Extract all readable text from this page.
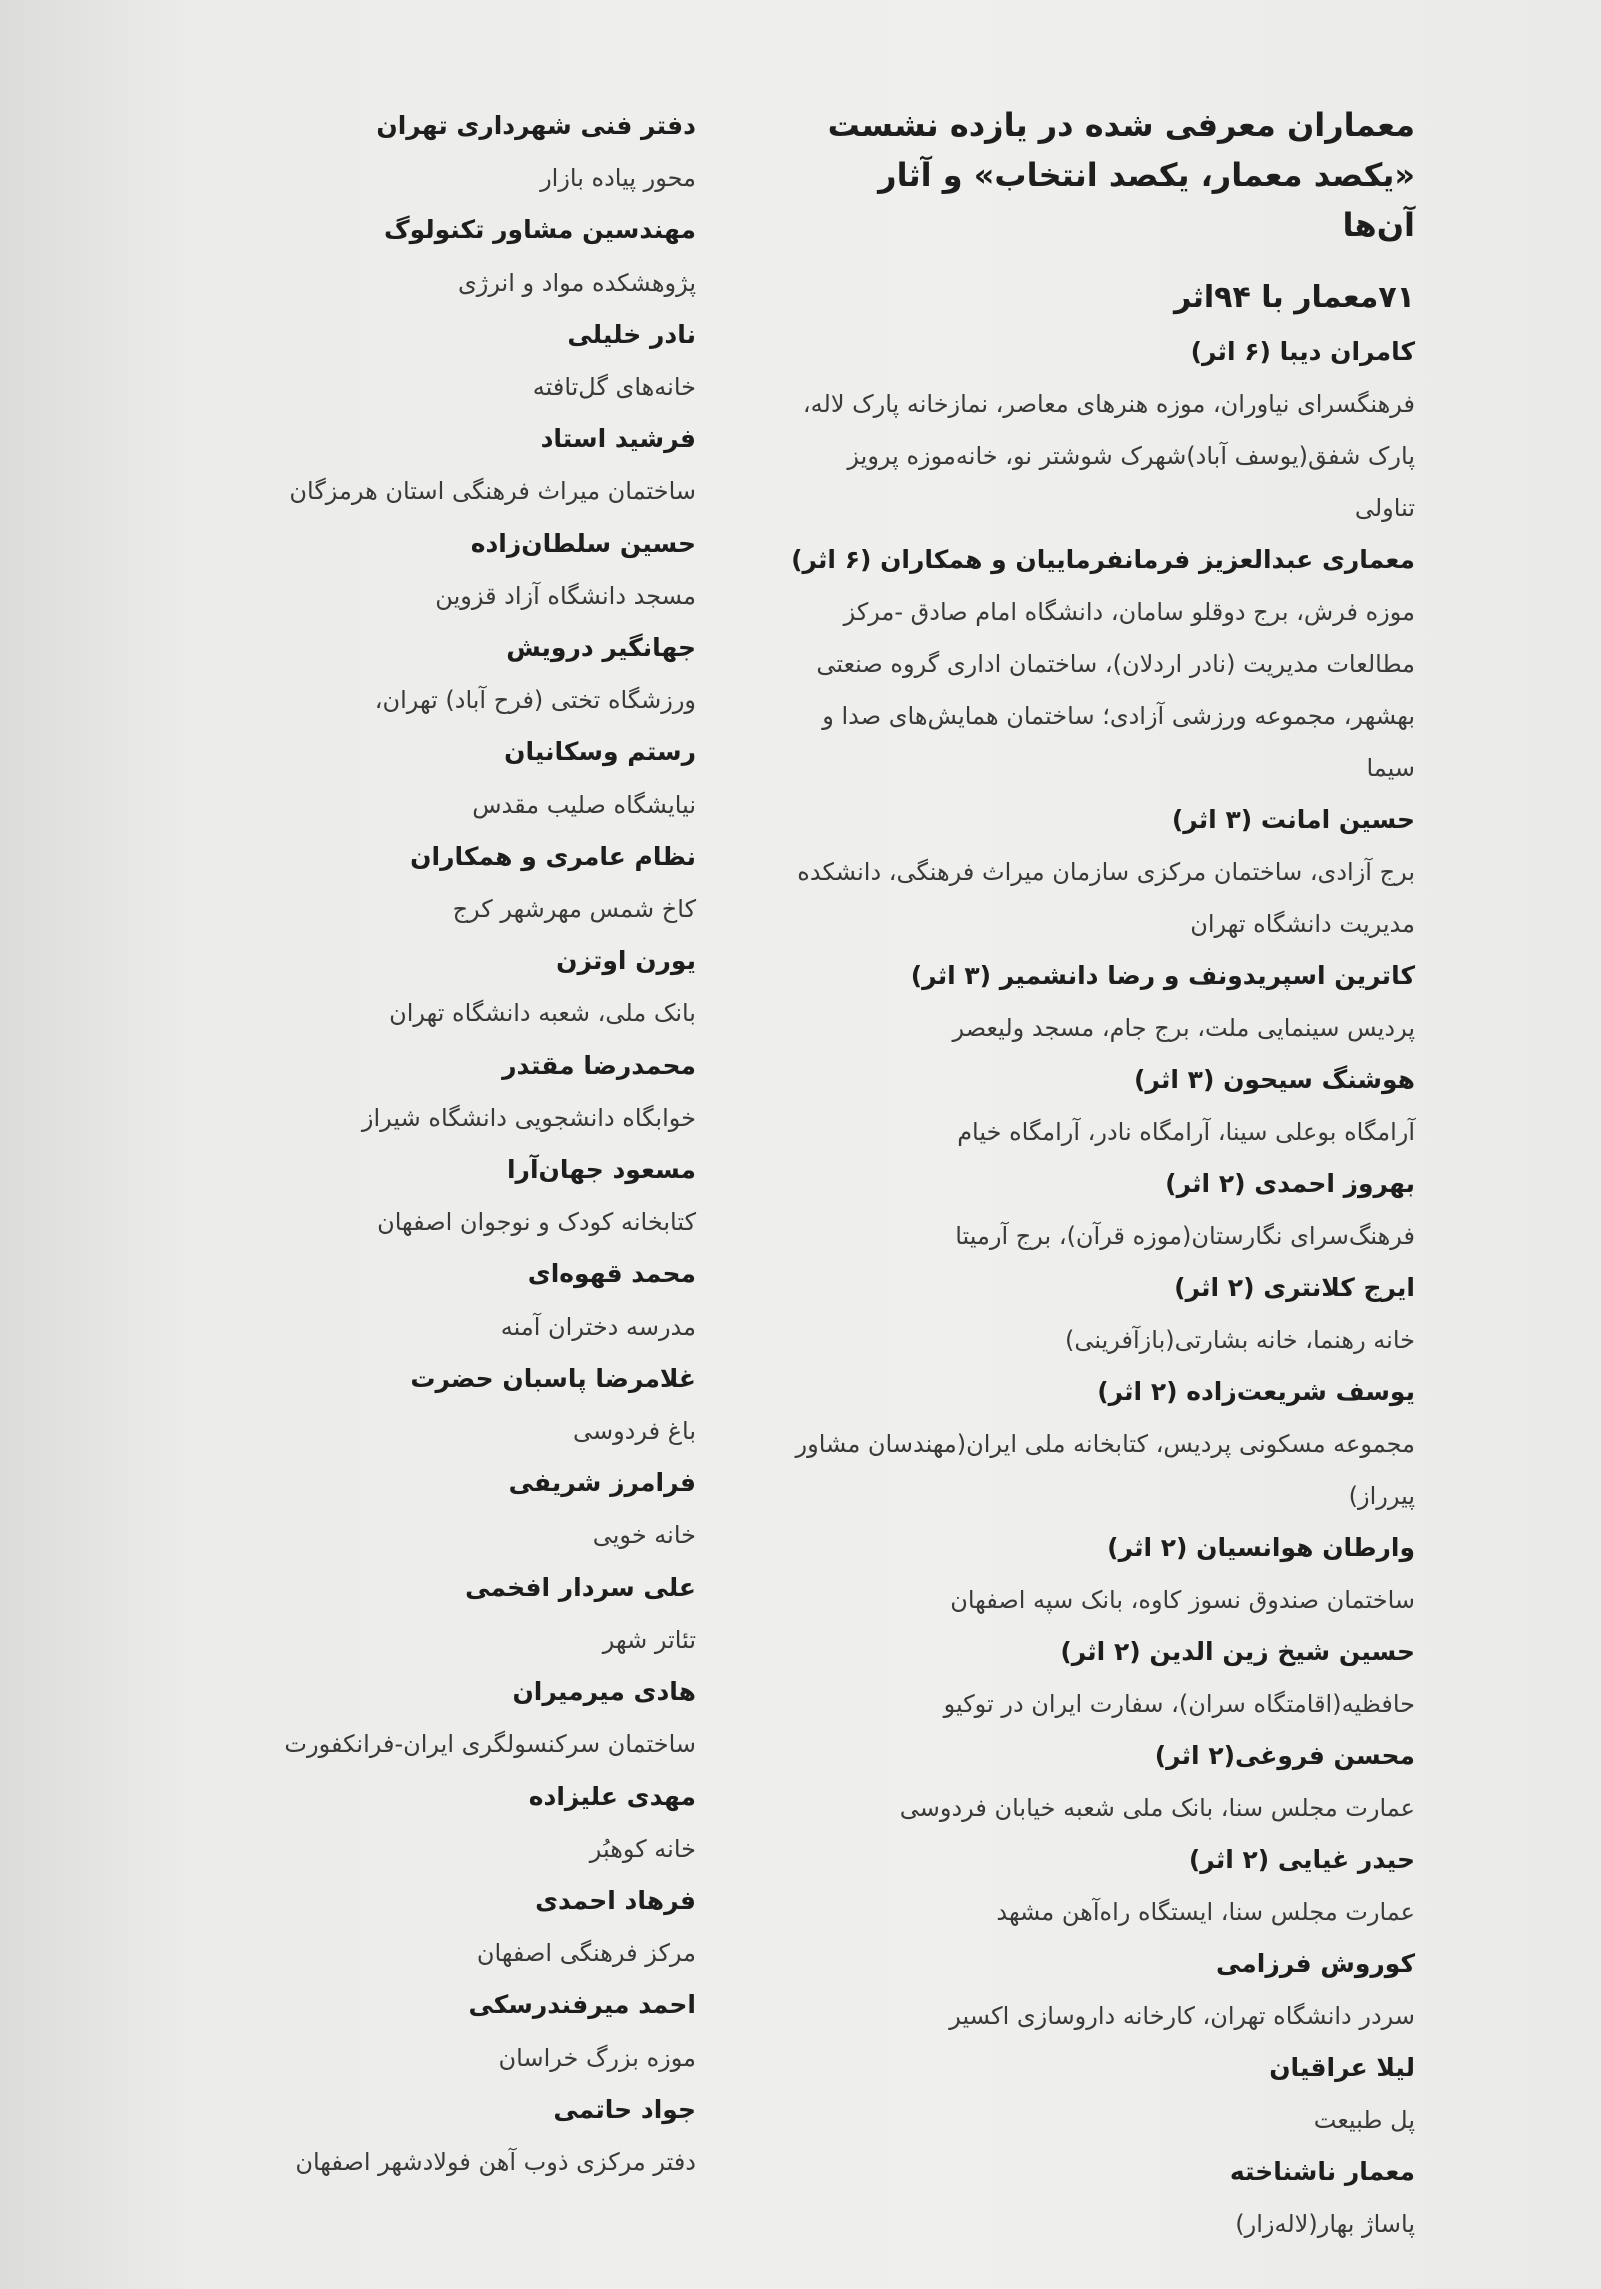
معماران معرفی شده در یازده نشست «یکصد معمار، یکصد انتخاب» و آثار آن‌ها
۷۱معمار با ۹۴اثر
کامران دیبا (۶ اثر)
فرهنگسرای نیاوران، موزه هنرهای معاصر، نمازخانه پارک لاله، پارک شفق(یوسف آباد)شهرک شوشتر نو، خانه‌موزه پرویز تناولی
معماری عبدالعزیز فرمانفرماییان و همکاران (۶ اثر)
موزه فرش، برج دوقلو سامان، دانشگاه امام صادق -مرکز مطالعات مدیریت (نادر اردلان)، ساختمان اداری گروه صنعتی بهشهر، مجموعه ورزشی آزادی؛ ساختمان همایش‌های صدا و سیما
حسین امانت (۳ اثر)
برج آزادی، ساختمان مرکزی سازمان میراث فرهنگی، دانشکده مدیریت دانشگاه تهران
کاترین اسپریدونف و رضا دانشمیر (۳ اثر)
پردیس سینمایی ملت، برج جام، مسجد ولیعصر
هوشنگ سیحون (۳ اثر)
آرامگاه بوعلی سینا، آرامگاه نادر، آرامگاه خیام
بهروز احمدی (۲ اثر)
فرهنگ‌سرای نگارستان(موزه قرآن)، برج آرمیتا
ایرج کلانتری (۲ اثر)
خانه رهنما، خانه بشارتی(بازآفرینی)
یوسف شریعت‌زاده (۲ اثر)
مجموعه مسکونی پردیس، کتابخانه ملی ایران(مهندسان مشاور پیرراز)
وارطان هوانسیان (۲ اثر)
ساختمان صندوق نسوز کاوه، بانک سپه اصفهان
حسین شیخ زین الدین (۲ اثر)
حافظیه(اقامتگاه سران)، سفارت ایران در توکیو
محسن فروغی(۲ اثر)
عمارت مجلس سنا، بانک ملی شعبه خیابان فردوسی
حیدر غیایی (۲ اثر)
عمارت مجلس سنا، ایستگاه راه‌آهن مشهد
کوروش فرزامی
سردر دانشگاه تهران، کارخانه داروسازی اکسیر
لیلا عراقیان
پل طبیعت
معمار ناشناخته
پاساژ بهار(لاله‌زار)
دفتر فنی شهرداری تهران
محور پیاده بازار
مهندسین مشاور تکنولوگ
پژوهشکده مواد و انرژی
نادر خلیلی
خانه‌های گل‌تافته
فرشید استاد
ساختمان میراث فرهنگی استان هرمزگان
حسین سلطان‌زاده
مسجد دانشگاه آزاد قزوین
جهانگیر درویش
ورزشگاه تختی (فرح آباد) تهران،
رستم وسکانیان
نیایشگاه صلیب مقدس
نظام عامری و همکاران
کاخ شمس مهرشهر کرج
یورن اوتزن
بانک ملی، شعبه دانشگاه تهران
محمدرضا مقتدر
خوابگاه دانشجویی دانشگاه شیراز
مسعود جهان‌آرا
کتابخانه کودک و نوجوان اصفهان
محمد قهوه‌ای
مدرسه دختران آمنه
غلامرضا پاسبان حضرت
باغ فردوسی
فرامرز شریفی
خانه خویی
علی سردار افخمی
تئاتر شهر
هادی میرمیران
ساختمان سرکنسولگری ایران-فرانکفورت
مهدی علیزاده
خانه کوهبُر
فرهاد احمدی
مرکز فرهنگی اصفهان
احمد میرفندرسکی
موزه بزرگ خراسان
جواد حاتمی
دفتر مرکزی ذوب آهن فولادشهر اصفهان
